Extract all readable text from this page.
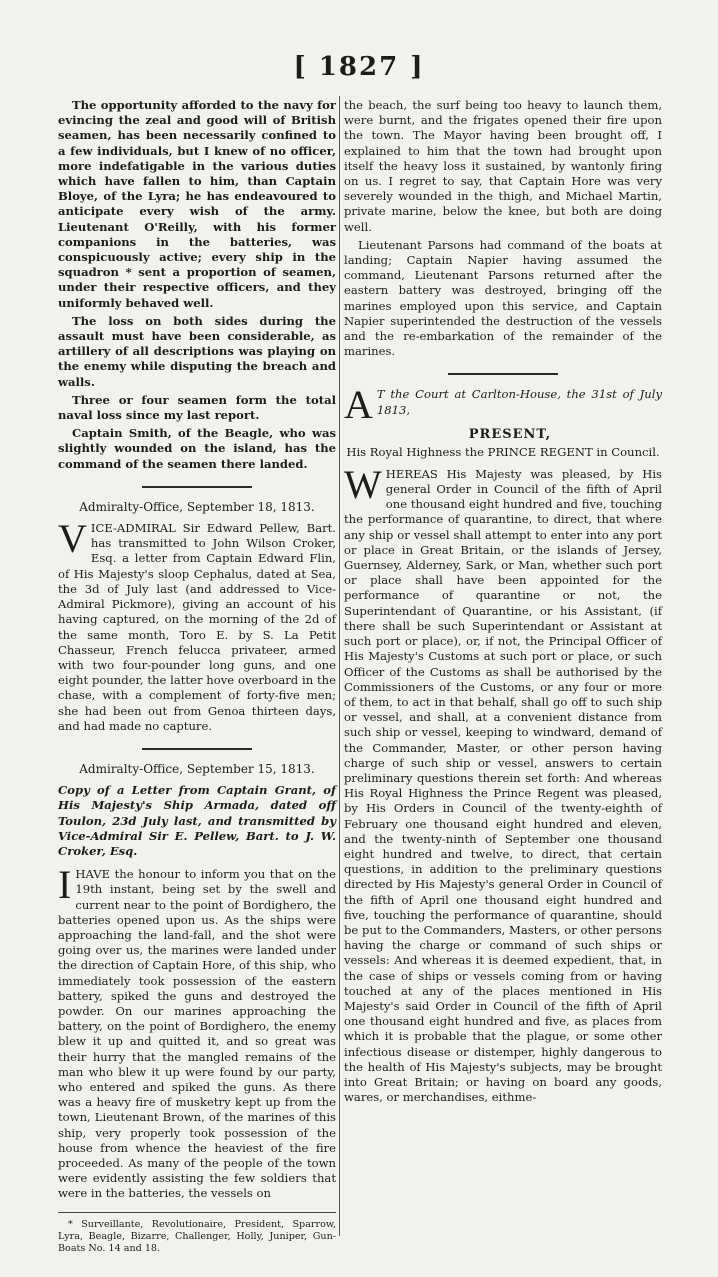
[ 1827 ]

The opportunity afforded to the navy for evincing the zeal and good will of British seamen, has been necessarily confined to a few individuals, but I knew of no officer, more indefatigable in the various duties which have fallen to him, than Captain Bloye, of the Lyra; he has endeavoured to anticipate every wish of the army. Lieutenant O'Reilly, with his former companions in the batteries, was conspicuously active; every ship in the squadron * sent a proportion of seamen, under their respective officers, and they uniformly behaved well.

The loss on both sides during the assault must have been considerable, as artillery of all descriptions was playing on the enemy while disputing the breach and walls.

Three or four seamen form the total naval loss since my last report.

Captain Smith, of the Beagle, who was slightly wounded on the island, has the command of the seamen there landed.

Admiralty-Office, September 18, 1813.

VICE-ADMIRAL Sir Edward Pellew, Bart. has transmitted to John Wilson Croker, Esq. a letter from Captain Edward Flin, of His Majesty's sloop Cephalus, dated at Sea, the 3d of July last (and addressed to Vice-Admiral Pickmore), giving an account of his having captured, on the morning of the 2d of the same month, Toro E. by S. La Petit Chasseur, French felucca privateer, armed with two four-pounder long guns, and one eight pounder, the latter hove overboard in the chase, with a complement of forty-five men; she had been out from Genoa thirteen days, and had made no capture.

Admiralty-Office, September 15, 1813.

Copy of a Letter from Captain Grant, of His Majesty's Ship Armada, dated off Toulon, 23d July last, and transmitted by Vice-Admiral Sir E. Pellew, Bart. to J. W. Croker, Esq.

IHAVE the honour to inform you that on the 19th instant, being set by the swell and current near to the point of Bordighero, the batteries opened upon us. As the ships were approaching the land-fall, and the shot were going over us, the marines were landed under the direction of Captain Hore, of this ship, who immediately took possession of the eastern battery, spiked the guns and destroyed the powder. On our marines approaching the battery, on the point of Bordighero, the enemy blew it up and quitted it, and so great was their hurry that the mangled remains of the man who blew it up were found by our party, who entered and spiked the guns. As there was a heavy fire of musketry kept up from the town, Lieutenant Brown, of the marines of this ship, very properly took possession of the house from whence the heaviest of the fire proceeded. As many of the people of the town were evidently assisting the few soldiers that were in the batteries, the vessels on

* Surveillante, Revolutionaire, President, Sparrow, Lyra, Beagle, Bizarre, Challenger, Holly, Juniper, Gun-Boats No. 14 and 18.

the beach, the surf being too heavy to launch them, were burnt, and the frigates opened their fire upon the town. The Mayor having been brought off, I explained to him that the town had brought upon itself the heavy loss it sustained, by wantonly firing on us. I regret to say, that Captain Hore was very severely wounded in the thigh, and Michael Martin, private marine, below the knee, but both are doing well.

Lieutenant Parsons had command of the boats at landing; Captain Napier having assumed the command, Lieutenant Parsons returned after the eastern battery was destroyed, bringing off the marines employed upon this service, and Captain Napier superintended the destruction of the vessels and the re-embarkation of the remainder of the marines.

A T the Court at Carlton-House, the 31st of July 1813,

PRESENT,

His Royal Highness the PRINCE REGENT in Council.

WHEREAS His Majesty was pleased, by His general Order in Council of the fifth of April one thousand eight hundred and five, touching the performance of quarantine, to direct, that where any ship or vessel shall attempt to enter into any port or place in Great Britain, or the islands of Jersey, Guernsey, Alderney, Sark, or Man, whether such port or place shall have been appointed for the performance of quarantine or not, the Superintendant of Quarantine, or his Assistant, (if there shall be such Superintendant or Assistant at such port or place), or, if not, the Principal Officer of His Majesty's Customs at such port or place, or such Officer of the Customs as shall be authorised by the Commissioners of the Customs, or any four or more of them, to act in that behalf, shall go off to such ship or vessel, and shall, at a convenient distance from such ship or vessel, keeping to windward, demand of the Commander, Master, or other person having charge of such ship or vessel, answers to certain preliminary questions therein set forth: And whereas His Royal Highness the Prince Regent was pleased, by His Orders in Council of the twenty-eighth of February one thousand eight hundred and eleven, and the twenty-ninth of September one thousand eight hundred and twelve, to direct, that certain questions, in addition to the preliminary questions directed by His Majesty's general Order in Council of the fifth of April one thousand eight hundred and five, touching the performance of quarantine, should be put to the Commanders, Masters, or other persons having the charge or command of such ships or vessels: And whereas it is deemed expedient, that, in the case of ships or vessels coming from or having touched at any of the places mentioned in His Majesty's said Order in Council of the fifth of April one thousand eight hundred and five, as places from which it is probable that the plague, or some other infectious disease or distemper, highly dangerous to the health of His Majesty's subjects, may be brought into Great Britain; or having on board any goods, wares, or merchandises, eithme-
